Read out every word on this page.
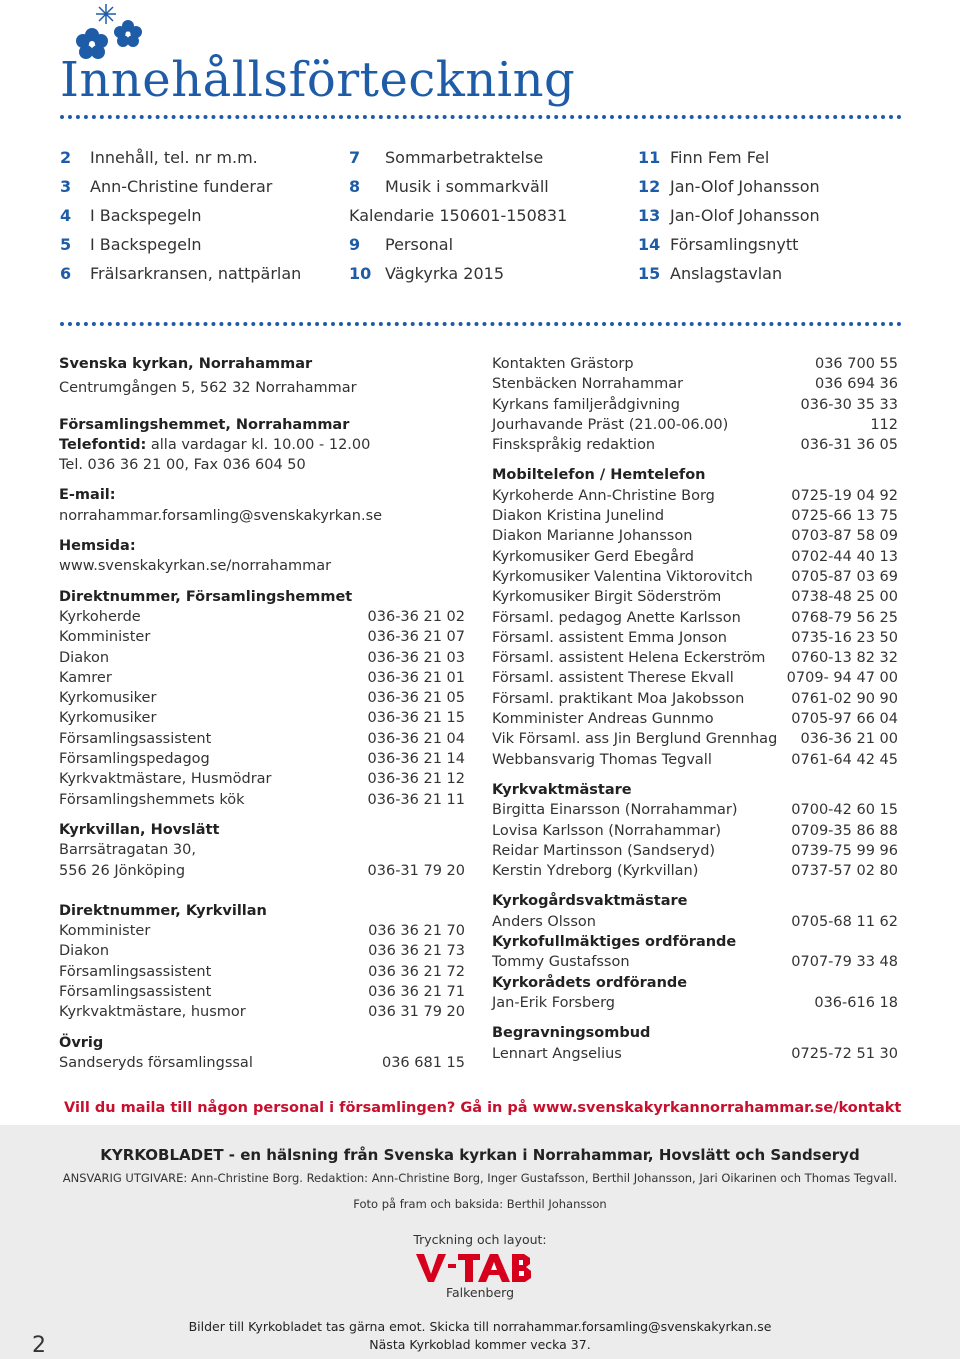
Innehållsförteckning
2 Innehåll, tel. nr m.m.
3 Ann-Christine funderar
4 I Backspegeln
5 I Backspegeln
6 Frälsarkransen, nattpärlan
7 Sommarbetraktelse
8 Musik i sommarkväll
Kalendarie 150601-150831
9 Personal
10 Vägkyrka 2015
11 Finn Fem Fel
12 Jan-Olof Johansson
13 Jan-Olof Johansson
14 Församlingsnytt
15 Anslagstavlan
Svenska kyrkan, Norrahammar
Centrumgången 5, 562 32 Norrahammar
Församlingshemmet, Norrahammar
Telefontid: alla vardagar kl. 10.00 - 12.00
Tel. 036 36 21 00, Fax 036 604 50
E-mail:
norrahammar.forsamling@svenskakyrkan.se
Hemsida:
www.svenskakyrkan.se/norrahammar
Direktnummer, Församlingshemmet
Kyrkoherde	036-36 21 02
Komminister	036-36 21 07
Diakon	036-36 21 03
Kamrer	036-36 21 01
Kyrkomusiker	036-36 21 05
Kyrkomusiker	036-36 21 15
Församlingsassistent	036-36 21 04
Församlingspedagog	036-36 21 14
Kyrkvaktmästare, Husmödrar	036-36 21 12
Församlingshemmets kök	036-36 21 11
Kyrkvillan, Hovslätt
Barrsätragatan 30,
556 26 Jönköping	036-31 79 20
Direktnummer, Kyrkvillan
Komminister	036 36 21 70
Diakon	036 36 21 73
Församlingsassistent	036 36 21 72
Församlingsassistent	036 36 21 71
Kyrkvaktmästare, husmor	036 31 79 20
Övrig
Sandseryds församlingssal	036 681 15
Kontakten Grästorp	036 700 55
Stenbäcken Norrahammar	036 694 36
Kyrkans familjerådgivning	036-30 35 33
Jourhavande Präst (21.00-06.00)	112
Finskspråkig redaktion	036-31 36 05
Mobiltelefon / Hemtelefon
Kyrkoherde Ann-Christine Borg	0725-19 04 92
Diakon Kristina Junelind	0725-66 13 75
Diakon Marianne Johansson	0703-87 58 09
Kyrkomusiker Gerd Ebegård	0702-44 40 13
Kyrkomusiker Valentina Viktorovitch	0705-87 03 69
Kyrkomusiker Birgit Söderström	0738-48 25 00
Församl. pedagog Anette Karlsson	0768-79 56 25
Församl. assistent Emma Jonson	0735-16 23 50
Församl. assistent Helena Eckerström 0760-13 82 32
Församl. assistent Therese Ekvall	0709- 94 47 00
Församl. praktikant Moa Jakobsson	0761-02 90 90
Komminister Andreas Gunnmo	0705-97 66 04
Vik Församl. ass Jin Berglund Grennhag 036-36 21 00
Webbansvarig Thomas Tegvall	0761-64 42 45
Kyrkvaktmästare
Birgitta Einarsson (Norrahammar)	0700-42 60 15
Lovisa Karlsson (Norrahammar)	0709-35 86 88
Reidar Martinsson (Sandseryd)	0739-75 99 96
Kerstin Ydreborg (Kyrkvillan)	0737-57 02 80
Kyrkogårdsvaktmästare
Anders Olsson	0705-68 11 62
Kyrkofullmäktiges ordförande
Tommy Gustafsson	0707-79 33 48
Kyrkorådets ordförande
Jan-Erik Forsberg	036-616 18
Begravningsombud
Lennart Angselius	0725-72 51 30
Vill du maila till någon personal i församlingen? Gå in på www.svenskakyrkannorrahammar.se/kontakt
KYRKOBLADET - en hälsning från Svenska kyrkan i Norrahammar, Hovslätt och Sandseryd
ANSVARIG UTGIVARE: Ann-Christine Borg. Redaktion: Ann-Christine Borg, Inger Gustafsson, Berthil Johansson, Jari Oikarinen och Thomas Tegvall.
Foto på fram och baksida: Berthil Johansson
Tryckning och layout:
Falkenberg
Bilder till Kyrkobladet tas gärna emot. Skicka till norrahammar.forsamling@svenskakyrkan.se
Nästa Kyrkoblad kommer vecka 37.
2
